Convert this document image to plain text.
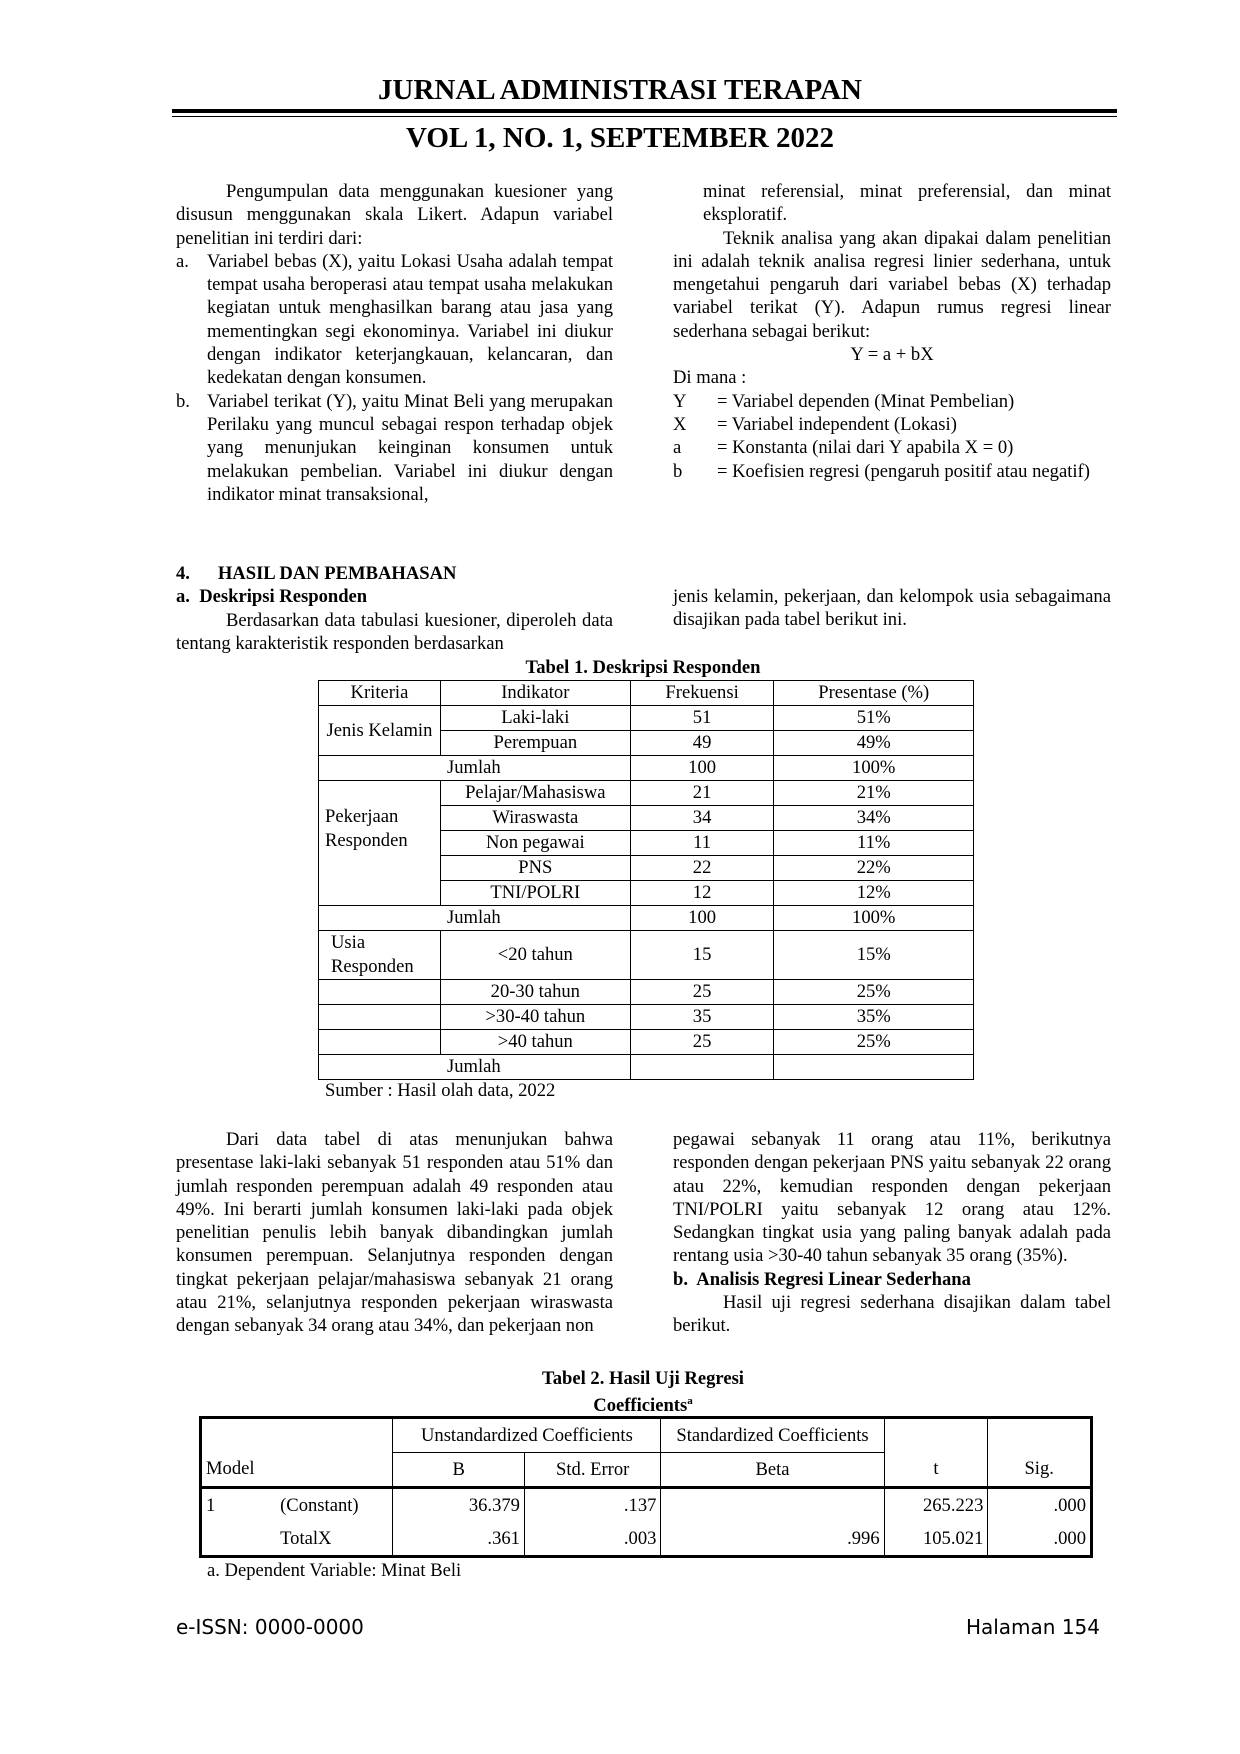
JURNAL ADMINISTRASI TERAPAN
VOL 1, NO. 1, SEPTEMBER 2022

Pengumpulan data menggunakan kuesioner yang disusun menggunakan skala Likert. Adapun variabel penelitian ini terdiri dari:

a. Variabel bebas (X), yaitu Lokasi Usaha adalah tempat tempat usaha beroperasi atau tempat usaha melakukan kegiatan untuk menghasilkan barang atau jasa yang mementingkan segi ekonominya. Variabel ini diukur dengan indikator keterjangkauan, kelancaran, dan kedekatan dengan konsumen.
b. Variabel terikat (Y), yaitu Minat Beli yang merupakan Perilaku yang muncul sebagai respon terhadap objek yang menunjukan keinginan konsumen untuk melakukan pembelian. Variabel ini diukur dengan indikator minat transaksional,

minat referensial, minat preferensial, dan minat eksploratif.

Teknik analisa yang akan dipakai dalam penelitian ini adalah teknik analisa regresi linier sederhana, untuk mengetahui pengaruh dari variabel bebas (X) terhadap variabel terikat (Y). Adapun rumus regresi linear sederhana sebagai berikut:

Y = a + bX

Di mana :

Y = Variabel dependen (Minat Pembelian)
X = Variabel independent (Lokasi)
a = Konstanta (nilai dari Y apabila X = 0)
b = Koefisien regresi (pengaruh positif atau negatif)

4.      HASIL DAN PEMBAHASAN

a.  Deskripsi Responden

Berdasarkan data tabulasi kuesioner, diperoleh data tentang karakteristik responden berdasarkan

jenis kelamin, pekerjaan, dan kelompok usia sebagaimana disajikan pada tabel berikut ini.

Tabel 1. Deskripsi Responden
Kriteria	Indikator	Frekuensi	Presentase (%)
Jenis Kelamin	Laki-laki	51	51%
	Perempuan	49	49%
Jumlah		100	100%
Pekerjaan Responden	Pelajar/Mahasiswa	21	21%
	Wiraswasta	34	34%
	Non pegawai	11	11%
	PNS	22	22%
	TNI/POLRI	12	12%
Jumlah		100	100%
Usia Responden	<20 tahun	15	15%
	20-30 tahun	25	25%
	>30-40 tahun	35	35%
	>40 tahun	25	25%
Jumlah			
Sumber : Hasil olah data, 2022

Dari data tabel di atas menunjukan bahwa presentase laki-laki sebanyak 51 responden atau 51% dan jumlah responden perempuan adalah 49 responden atau 49%. Ini berarti jumlah konsumen laki-laki pada objek penelitian penulis lebih banyak dibandingkan jumlah konsumen perempuan. Selanjutnya responden dengan tingkat pekerjaan pelajar/mahasiswa sebanyak 21 orang atau 21%, selanjutnya responden pekerjaan wiraswasta dengan sebanyak 34 orang atau 34%, dan pekerjaan non

pegawai sebanyak 11 orang atau 11%, berikutnya responden dengan pekerjaan PNS yaitu sebanyak 22 orang atau 22%, kemudian responden dengan pekerjaan TNI/POLRI yaitu sebanyak 12 orang atau 12%. Sedangkan tingkat usia yang paling banyak adalah pada rentang usia >30-40 tahun sebanyak 35 orang (35%).

b.  Analisis Regresi Linear Sederhana

Hasil uji regresi sederhana disajikan dalam tabel berikut.

Tabel 2. Hasil Uji Regresi
Coefficients$^a$
		Unstandardized Coefficients		Standardized Coefficients		
Model		B	Std. Error	Beta	t	Sig.
1	(Constant)	36.379	.137		265.223	.000
	TotalX	.361	.003	.996	105.021	.000
a. Dependent Variable: Minat Beli
e-ISSN: 0000-0000	Halaman 154
